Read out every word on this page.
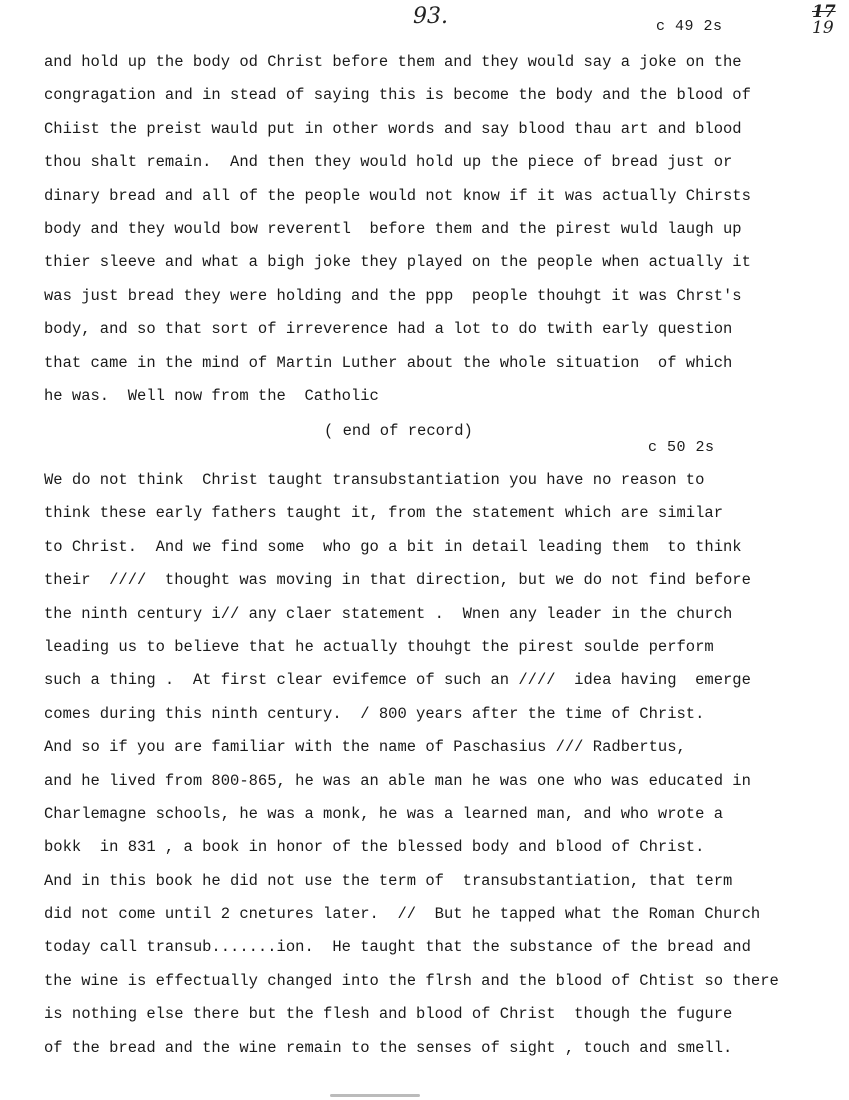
93.	c 49 2s
17
19
and hold up the body od Christ before them and they would say a joke on the
congragation and in stead of saying this is become the body and the blood of
Chiist the preist wauld put in other words and say blood thau art and blood
thou shalt remain.  And then they would hold up the piece of bread just or
dinary bread and all of the people would not know if it was actually Chirsts
body and they would bow reverentl  before them and the pirest wuld laugh up
thier sleeve and what a bigh joke they played on the people when actually it
was just bread they were holding and the ppp  people thouhgt it was Chrst's
body, and so that sort of irreverence had a lot to do twith early question
that came in the mind of Martin Luther about the whole situation  of which
he was.  Well now from the  Catholic
( end of record)
c 50 2s
We do not think  Christ taught transubstantiation you have no reason to
think these early fathers taught it, from the statement which are similar
to Christ.  And we find some  who go a bit in detail leading them  to think
their  ////  thought was moving in that direction, but we do not find before
the ninth century i// any claer statement .  Wnen any leader in the church
leading us to believe that he actually thouhgt the pirest soulde perform
such a thing .  At first clear evifemce of such an ////  idea having  emerge
comes during this ninth century.  / 800 years after the time of Christ.
And so if you are familiar with the name of Paschasius /// Radbertus,
and he lived from 800-865, he was an able man he was one who was educated in
Charlemagne schools, he was a monk, he was a learned man, and who wrote a
bokk  in 831 , a book in honor of the blessed body and blood of Christ.
And in this book he did not use the term of  transubstantiation, that term
did not come until 2 cnetures later.  //  But he tapped what the Roman Church
today call transub.......ion.  He taught that the substance of the bread and
the wine is effectually changed into the flrsh and the blood of Chtist so there
is nothing else there but the flesh and blood of Christ  though the fugure
of the bread and the wine remain to the senses of sight , touch and smell.
